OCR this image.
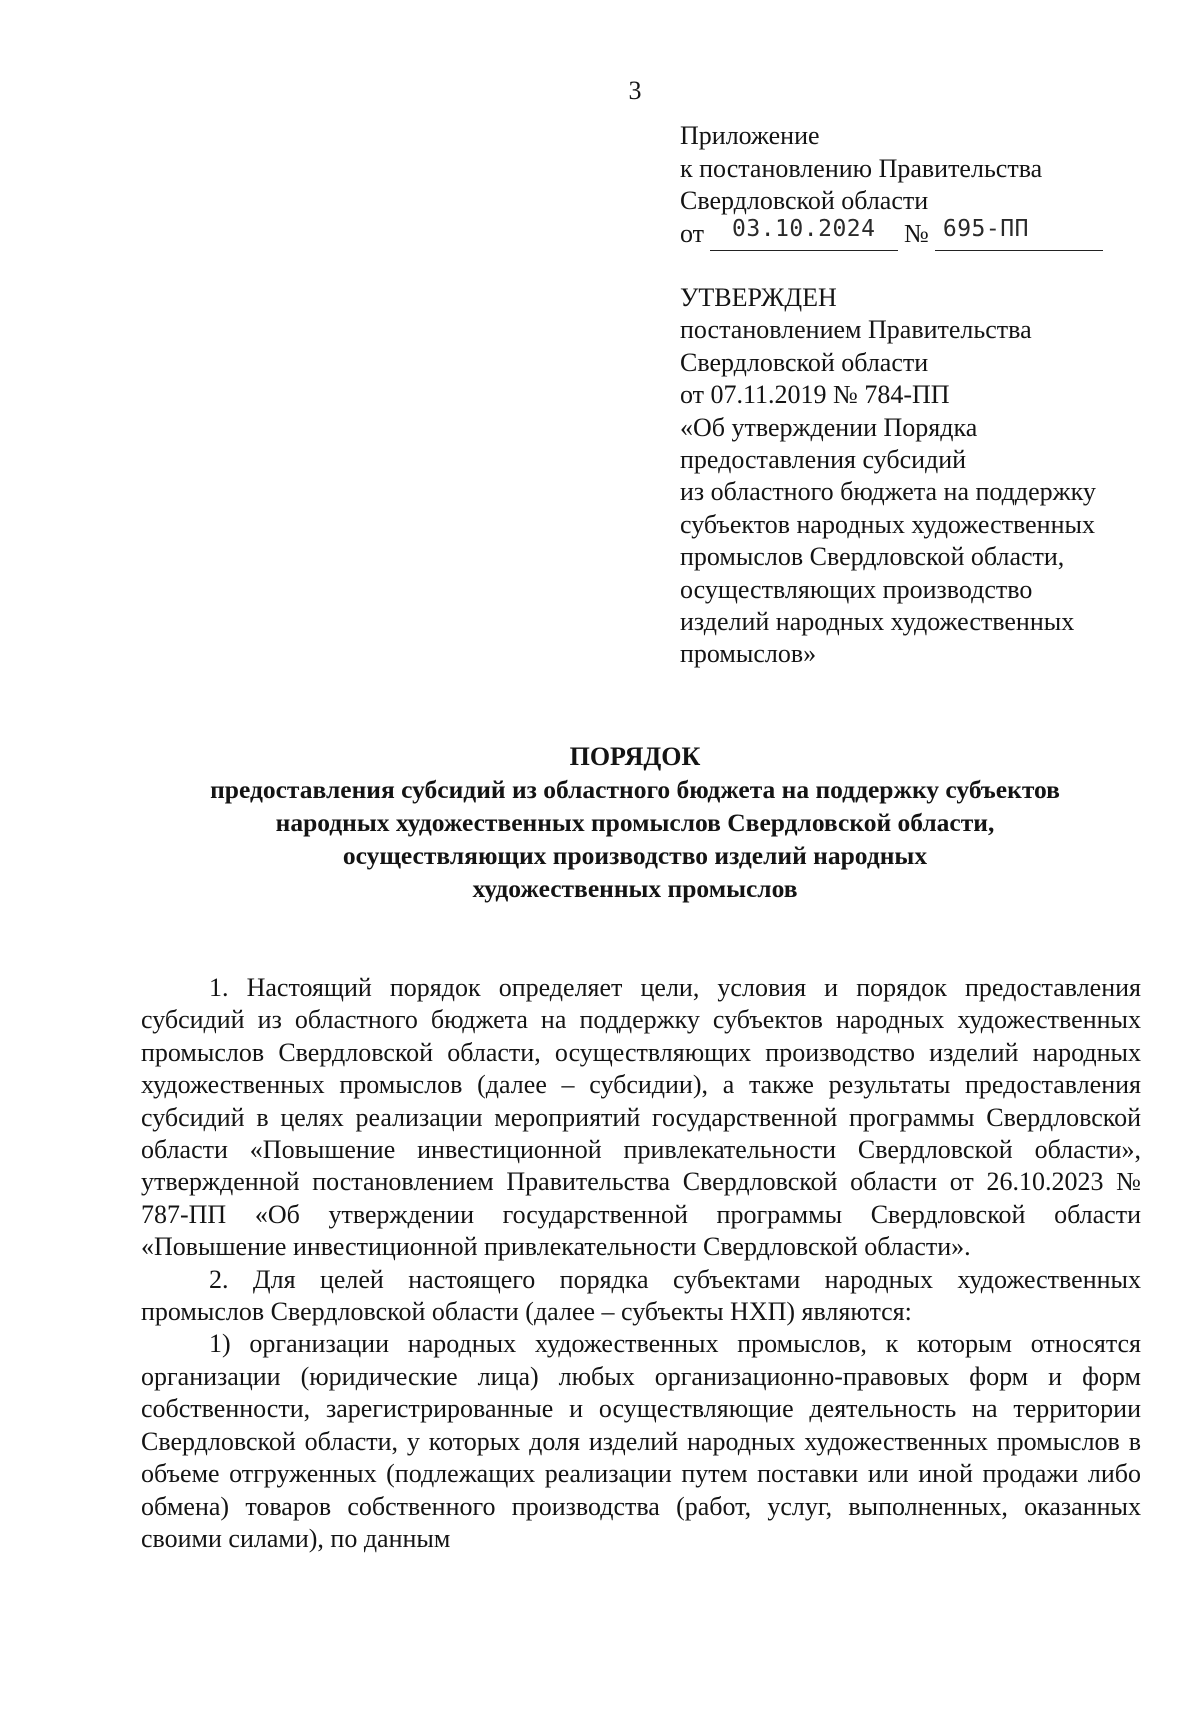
3
Приложение
к постановлению Правительства
Свердловской области
от 03.10.2024 № 695-ПП
УТВЕРЖДЕН
постановлением Правительства
Свердловской области
от 07.11.2019 № 784-ПП
«Об утверждении Порядка
предоставления субсидий
из областного бюджета на поддержку
субъектов народных художественных
промыслов Свердловской области,
осуществляющих производство
изделий народных художественных
промыслов»
ПОРЯДОК
предоставления субсидий из областного бюджета на поддержку субъектов
народных художественных промыслов Свердловской области,
осуществляющих производство изделий народных
художественных промыслов

1. Настоящий порядок определяет цели, условия и порядок предоставления субсидий из областного бюджета на поддержку субъектов народных художественных промыслов Свердловской области, осуществляющих производство изделий народных художественных промыслов (далее – субсидии), а также результаты предоставления субсидий в целях реализации мероприятий государственной программы Свердловской области «Повышение инвестиционной привлекательности Свердловской области», утвержденной постановлением Правительства Свердловской области от 26.10.2023 № 787-ПП «Об утверждении государственной программы Свердловской области «Повышение инвестиционной привлекательности Свердловской области».

2. Для целей настоящего порядка субъектами народных художественных промыслов Свердловской области (далее – субъекты НХП) являются:

1) организации народных художественных промыслов, к которым относятся организации (юридические лица) любых организационно-правовых форм и форм собственности, зарегистрированные и осуществляющие деятельность на территории Свердловской области, у которых доля изделий народных художественных промыслов в объеме отгруженных (подлежащих реализации путем поставки или иной продажи либо обмена) товаров собственного производства (работ, услуг, выполненных, оказанных своими силами), по данным
